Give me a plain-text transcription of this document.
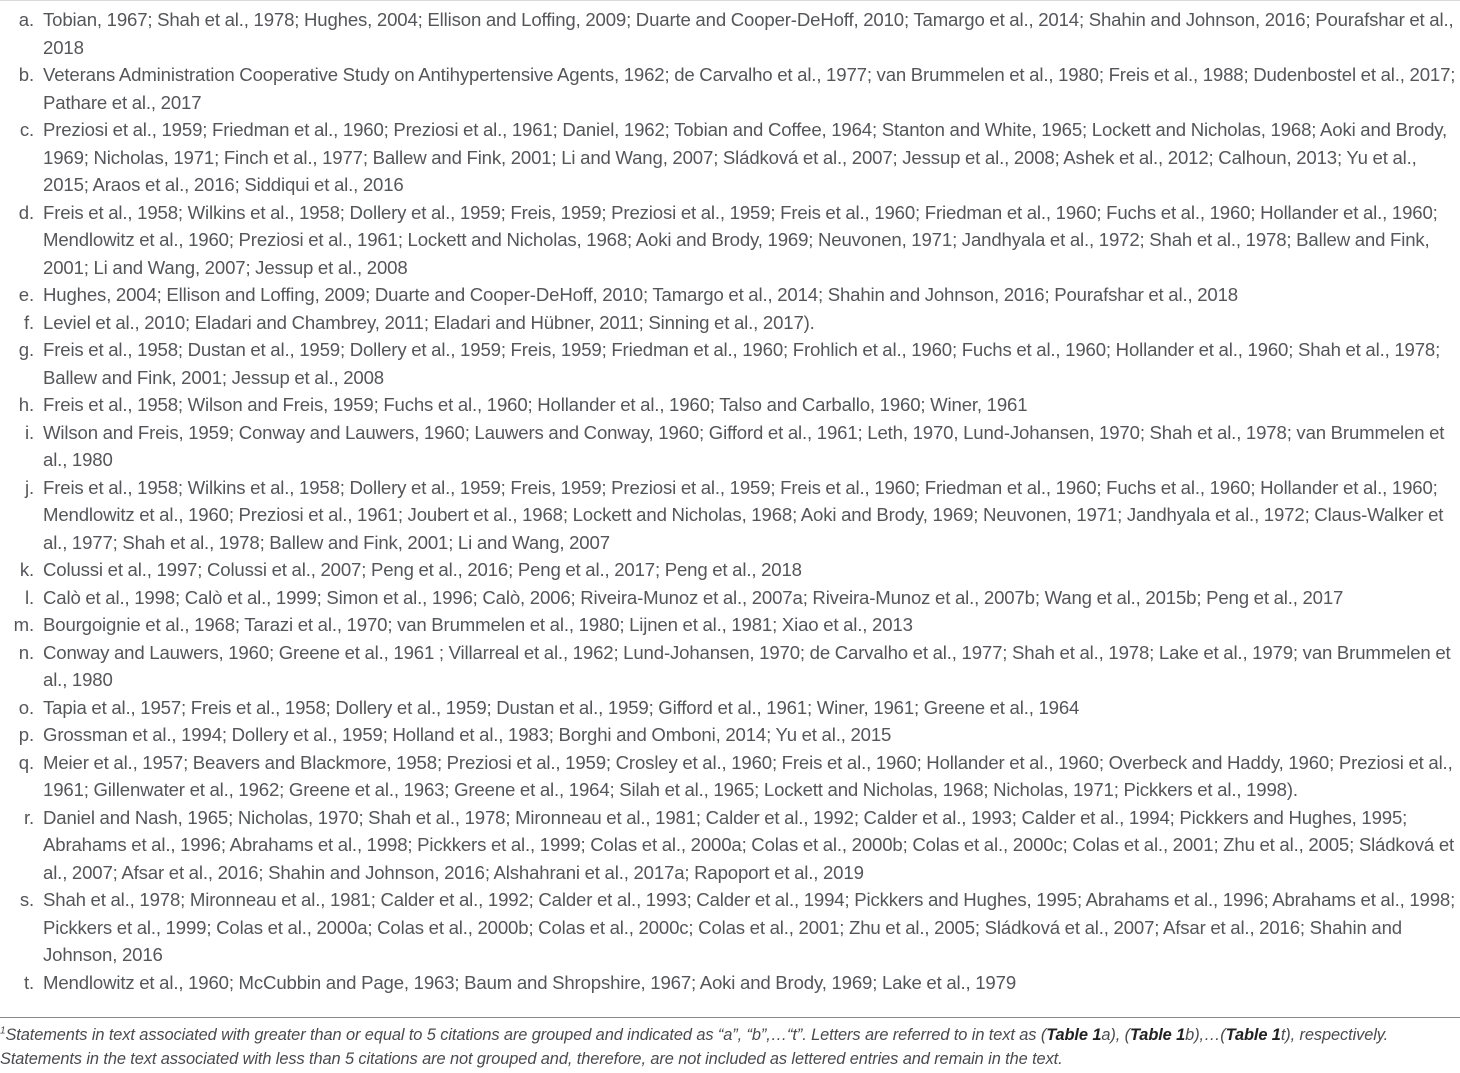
a. Tobian, 1967; Shah et al., 1978; Hughes, 2004; Ellison and Loffing, 2009; Duarte and Cooper-DeHoff, 2010; Tamargo et al., 2014; Shahin and Johnson, 2016; Pourafshar et al., 2018
b. Veterans Administration Cooperative Study on Antihypertensive Agents, 1962; de Carvalho et al., 1977; van Brummelen et al., 1980; Freis et al., 1988; Dudenbostel et al., 2017; Pathare et al., 2017
c. Preziosi et al., 1959; Friedman et al., 1960; Preziosi et al., 1961; Daniel, 1962; Tobian and Coffee, 1964; Stanton and White, 1965; Lockett and Nicholas, 1968; Aoki and Brody, 1969; Nicholas, 1971; Finch et al., 1977; Ballew and Fink, 2001; Li and Wang, 2007; Sládková et al., 2007; Jessup et al., 2008; Ashek et al., 2012; Calhoun, 2013; Yu et al., 2015; Araos et al., 2016; Siddiqui et al., 2016
d. Freis et al., 1958; Wilkins et al., 1958; Dollery et al., 1959; Freis, 1959; Preziosi et al., 1959; Freis et al., 1960; Friedman et al., 1960; Fuchs et al., 1960; Hollander et al., 1960; Mendlowitz et al., 1960; Preziosi et al., 1961; Lockett and Nicholas, 1968; Aoki and Brody, 1969; Neuvonen, 1971; Jandhyala et al., 1972; Shah et al., 1978; Ballew and Fink, 2001; Li and Wang, 2007; Jessup et al., 2008
e. Hughes, 2004; Ellison and Loffing, 2009; Duarte and Cooper-DeHoff, 2010; Tamargo et al., 2014; Shahin and Johnson, 2016; Pourafshar et al., 2018
f. Leviel et al., 2010; Eladari and Chambrey, 2011; Eladari and Hübner, 2011; Sinning et al., 2017).
g. Freis et al., 1958; Dustan et al., 1959; Dollery et al., 1959; Freis, 1959; Friedman et al., 1960; Frohlich et al., 1960; Fuchs et al., 1960; Hollander et al., 1960; Shah et al., 1978; Ballew and Fink, 2001; Jessup et al., 2008
h. Freis et al., 1958; Wilson and Freis, 1959; Fuchs et al., 1960; Hollander et al., 1960; Talso and Carballo, 1960; Winer, 1961
i. Wilson and Freis, 1959; Conway and Lauwers, 1960; Lauwers and Conway, 1960; Gifford et al., 1961; Leth, 1970, Lund-Johansen, 1970; Shah et al., 1978; van Brummelen et al., 1980
j. Freis et al., 1958; Wilkins et al., 1958; Dollery et al., 1959; Freis, 1959; Preziosi et al., 1959; Freis et al., 1960; Friedman et al., 1960; Fuchs et al., 1960; Hollander et al., 1960; Mendlowitz et al., 1960; Preziosi et al., 1961; Joubert et al., 1968; Lockett and Nicholas, 1968; Aoki and Brody, 1969; Neuvonen, 1971; Jandhyala et al., 1972; Claus-Walker et al., 1977; Shah et al., 1978; Ballew and Fink, 2001; Li and Wang, 2007
k. Colussi et al., 1997; Colussi et al., 2007; Peng et al., 2016; Peng et al., 2017; Peng et al., 2018
l. Calò et al., 1998; Calò et al., 1999; Simon et al., 1996; Calò, 2006; Riveira-Munoz et al., 2007a; Riveira-Munoz et al., 2007b; Wang et al., 2015b; Peng et al., 2017
m. Bourgoignie et al., 1968; Tarazi et al., 1970; van Brummelen et al., 1980; Lijnen et al., 1981; Xiao et al., 2013
n. Conway and Lauwers, 1960; Greene et al., 1961 ; Villarreal et al., 1962; Lund-Johansen, 1970; de Carvalho et al., 1977; Shah et al., 1978; Lake et al., 1979; van Brummelen et al., 1980
o. Tapia et al., 1957; Freis et al., 1958; Dollery et al., 1959; Dustan et al., 1959; Gifford et al., 1961; Winer, 1961; Greene et al., 1964
p. Grossman et al., 1994; Dollery et al., 1959; Holland et al., 1983; Borghi and Omboni, 2014; Yu et al., 2015
q. Meier et al., 1957; Beavers and Blackmore, 1958; Preziosi et al., 1959; Crosley et al., 1960; Freis et al., 1960; Hollander et al., 1960; Overbeck and Haddy, 1960; Preziosi et al., 1961; Gillenwater et al., 1962; Greene et al., 1963; Greene et al., 1964; Silah et al., 1965; Lockett and Nicholas, 1968; Nicholas, 1971; Pickkers et al., 1998).
r. Daniel and Nash, 1965; Nicholas, 1970; Shah et al., 1978; Mironneau et al., 1981; Calder et al., 1992; Calder et al., 1993; Calder et al., 1994; Pickkers and Hughes, 1995; Abrahams et al., 1996; Abrahams et al., 1998; Pickkers et al., 1999; Colas et al., 2000a; Colas et al., 2000b; Colas et al., 2000c; Colas et al., 2001; Zhu et al., 2005; Sládková et al., 2007; Afsar et al., 2016; Shahin and Johnson, 2016; Alshahrani et al., 2017a; Rapoport et al., 2019
s. Shah et al., 1978; Mironneau et al., 1981; Calder et al., 1992; Calder et al., 1993; Calder et al., 1994; Pickkers and Hughes, 1995; Abrahams et al., 1996; Abrahams et al., 1998; Pickkers et al., 1999; Colas et al., 2000a; Colas et al., 2000b; Colas et al., 2000c; Colas et al., 2001; Zhu et al., 2005; Sládková et al., 2007; Afsar et al., 2016; Shahin and Johnson, 2016
t. Mendlowitz et al., 1960; McCubbin and Page, 1963; Baum and Shropshire, 1967; Aoki and Brody, 1969; Lake et al., 1979
$^1$Statements in text associated with greater than or equal to 5 citations are grouped and indicated as “a”, “b”,…“t”. Letters are referred to in text as (Table 1a), (Table 1b),…(Table 1t), respectively. Statements in the text associated with less than 5 citations are not grouped and, therefore, are not included as lettered entries and remain in the text.
